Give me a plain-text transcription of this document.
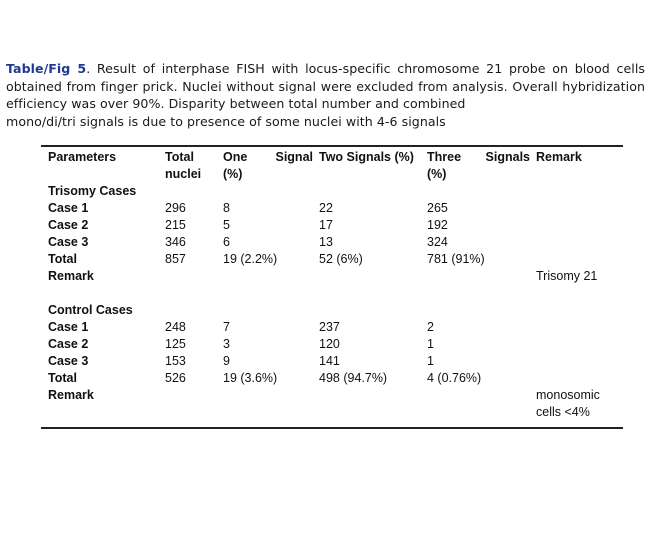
Table/Fig 5. Result of interphase FISH with locus-specific chromosome 21 probe on blood cells obtained from finger prick. Nuclei without signal were excluded from analysis. Overall hybridization efficiency was over 90%. Disparity between total number and combined
mono/di/tri signals is due to presence of some nuclei with 4-6 signals
Parameters	Total	One Signal	Two Signals (%)	Three Signals	Remark
	nuclei	(%)		(%)	
Trisomy Cases					
Case 1	296	8	22	265	
Case 2	215	5	17	192	
Case 3	346	6	13	324	
Total	857	19 (2.2%)	52 (6%)	781 (91%)	
Remark					Trisomy 21

Control Cases					
Case 1	248	7	237	2	
Case 2	125	3	120	1	
Case 3	153	9	141	1	
Total	526	19 (3.6%)	498 (94.7%)	4 (0.76%)	
Remark					monosomic
					cells <4%
